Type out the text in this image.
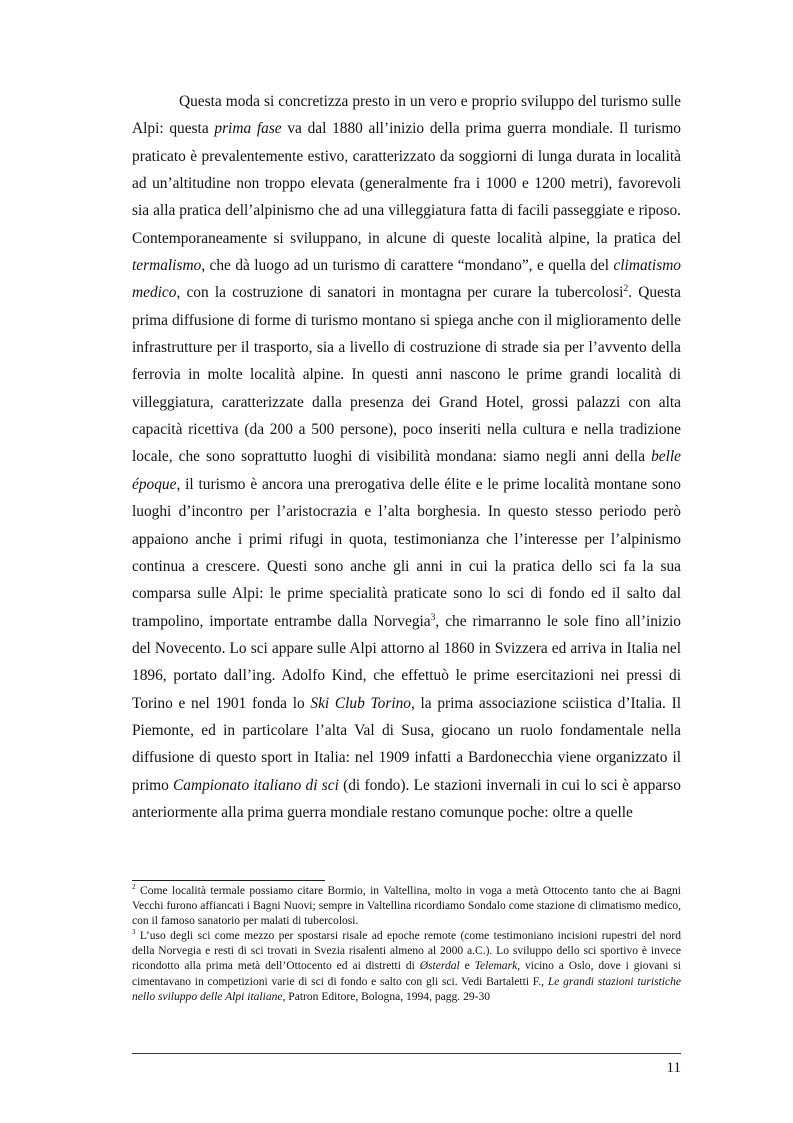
Questa moda si concretizza presto in un vero e proprio sviluppo del turismo sulle Alpi: questa prima fase va dal 1880 all’inizio della prima guerra mondiale. Il turismo praticato è prevalentemente estivo, caratterizzato da soggiorni di lunga durata in località ad un’altitudine non troppo elevata (generalmente fra i 1000 e 1200 metri), favorevoli sia alla pratica dell’alpinismo che ad una villeggiatura fatta di facili passeggiate e riposo. Contemporaneamente si sviluppano, in alcune di queste località alpine, la pratica del termalismo, che dà luogo ad un turismo di carattere “mondano”, e quella del climatismo medico, con la costruzione di sanatori in montagna per curare la tubercolosi$^2$. Questa prima diffusione di forme di turismo montano si spiega anche con il miglioramento delle infrastrutture per il trasporto, sia a livello di costruzione di strade sia per l’avvento della ferrovia in molte località alpine. In questi anni nascono le prime grandi località di villeggiatura, caratterizzate dalla presenza dei Grand Hotel, grossi palazzi con alta capacità ricettiva (da 200 a 500 persone), poco inseriti nella cultura e nella tradizione locale, che sono soprattutto luoghi di visibilità mondana: siamo negli anni della belle époque, il turismo è ancora una prerogativa delle élite e le prime località montane sono luoghi d’incontro per l’aristocrazia e l’alta borghesia. In questo stesso periodo però appaiono anche i primi rifugi in quota, testimonianza che l’interesse per l’alpinismo continua a crescere. Questi sono anche gli anni in cui la pratica dello sci fa la sua comparsa sulle Alpi: le prime specialità praticate sono lo sci di fondo ed il salto dal trampolino, importate entrambe dalla Norvegia$^3$, che rimarranno le sole fino all’inizio del Novecento. Lo sci appare sulle Alpi attorno al 1860 in Svizzera ed arriva in Italia nel 1896, portato dall’ing. Adolfo Kind, che effettuò le prime esercitazioni nei pressi di Torino e nel 1901 fonda lo Ski Club Torino, la prima associazione sciistica d’Italia. Il Piemonte, ed in particolare l’alta Val di Susa, giocano un ruolo fondamentale nella diffusione di questo sport in Italia: nel 1909 infatti a Bardonecchia viene organizzato il primo Campionato italiano di sci (di fondo). Le stazioni invernali in cui lo sci è apparso anteriormente alla prima guerra mondiale restano comunque poche: oltre a quelle

$^2$ Come località termale possiamo citare Bormio, in Valtellina, molto in voga a metà Ottocento tanto che ai Bagni Vecchi furono affiancati i Bagni Nuovi; sempre in Valtellina ricordiamo Sondalo come stazione di climatismo medico, con il famoso sanatorio per malati di tubercolosi.

$^3$ L’uso degli sci come mezzo per spostarsi risale ad epoche remote (come testimoniano incisioni rupestri del nord della Norvegia e resti di sci trovati in Svezia risalenti almeno al 2000 a.C.). Lo sviluppo dello sci sportivo è invece ricondotto alla prima metà dell’Ottocento ed ai distretti di Østerdal e Telemark, vicino a Oslo, dove i giovani si cimentavano in competizioni varie di sci di fondo e salto con gli sci. Vedi Bartaletti F., Le grandi stazioni turistiche nello sviluppo delle Alpi italiane, Patron Editore, Bologna, 1994, pagg. 29-30

11
